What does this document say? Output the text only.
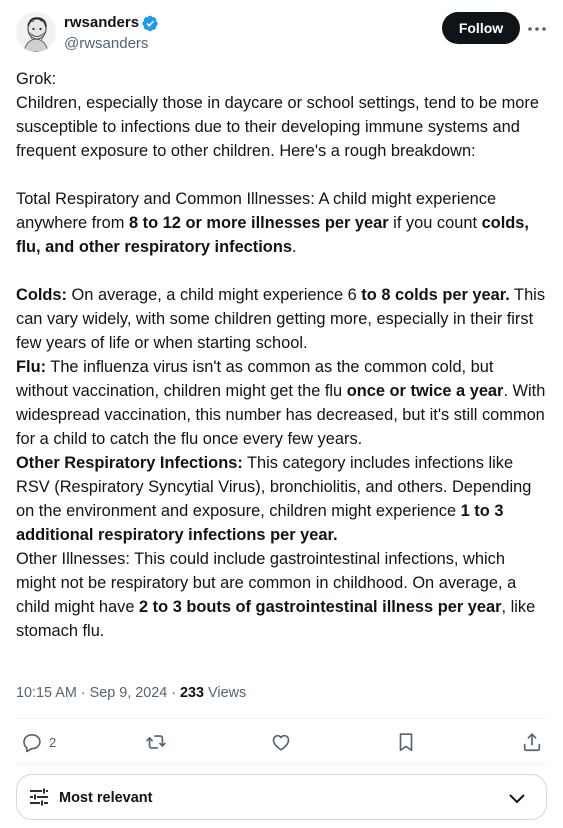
rwsanders
@rwsanders
Follow
Grok:
Children, especially those in daycare or school settings, tend to be more susceptible to infections due to their developing immune systems and frequent exposure to other children. Here's a rough breakdown:

Total Respiratory and Common Illnesses: A child might experience anywhere from 8 to 12 or more illnesses per year if you count colds, flu, and other respiratory infections.

Colds: On average, a child might experience 6 to 8 colds per year. This can vary widely, with some children getting more, especially in their first few years of life or when starting school.
Flu: The influenza virus isn't as common as the common cold, but without vaccination, children might get the flu once or twice a year. With widespread vaccination, this number has decreased, but it's still common for a child to catch the flu once every few years.
Other Respiratory Infections: This category includes infections like RSV (Respiratory Syncytial Virus), bronchiolitis, and others. Depending on the environment and exposure, children might experience 1 to 3 additional respiratory infections per year.
Other Illnesses: This could include gastrointestinal infections, which might not be respiratory but are common in childhood. On average, a child might have 2 to 3 bouts of gastrointestinal illness per year, like stomach flu.
10:15 AM · Sep 9, 2024 · 233 Views
2
Most relevant
